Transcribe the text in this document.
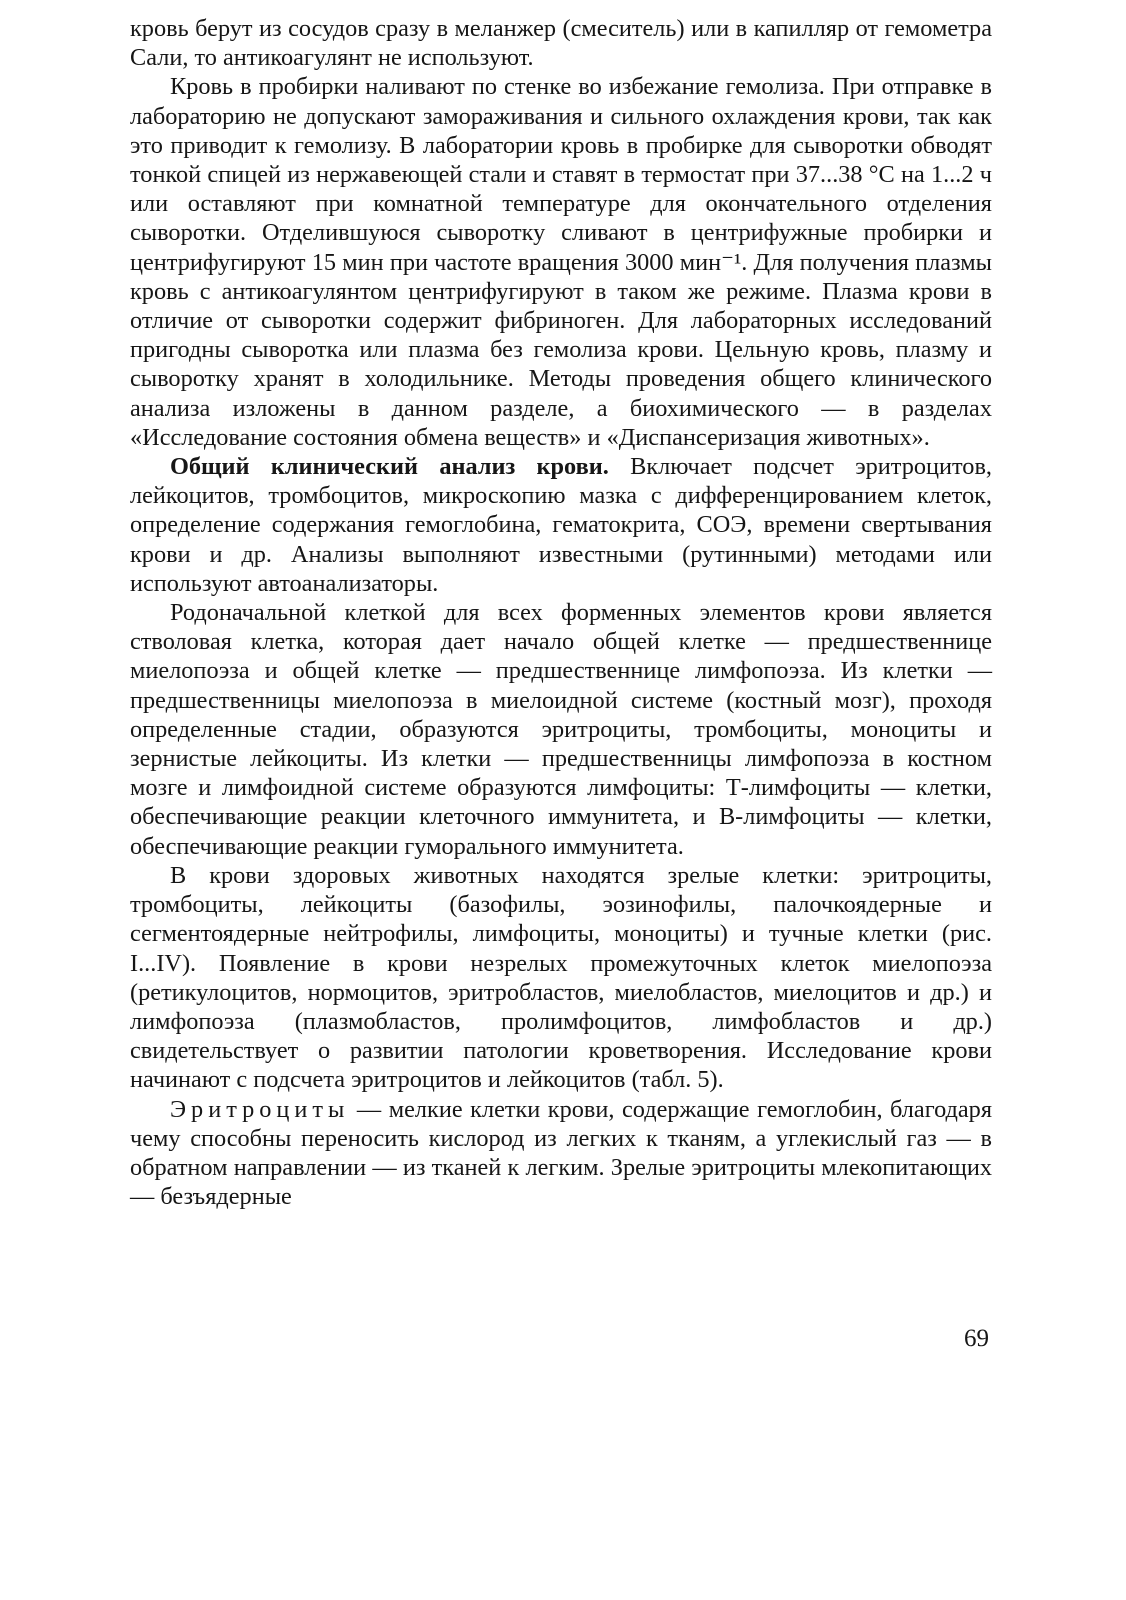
кровь берут из сосудов сразу в меланжер (смеситель) или в капилляр от гемометра Сали, то антикоагулянт не используют.

Кровь в пробирки наливают по стенке во избежание гемолиза. При отправке в лабораторию не допускают замораживания и сильного охлаждения крови, так как это приводит к гемолизу. В лаборатории кровь в пробирке для сыворотки обводят тонкой спицей из нержавеющей стали и ставят в термостат при 37...38 °С на 1...2 ч или оставляют при комнатной температуре для окончательного отделения сыворотки. Отделившуюся сыворотку сливают в центрифужные пробирки и центрифугируют 15 мин при частоте вращения 3000 мин⁻¹. Для получения плазмы кровь с антикоагулянтом центрифугируют в таком же режиме. Плазма крови в отличие от сыворотки содержит фибриноген. Для лабораторных исследований пригодны сыворотка или плазма без гемолиза крови. Цельную кровь, плазму и сыворотку хранят в холодильнике. Методы проведения общего клинического анализа изложены в данном разделе, а биохимического — в разделах «Исследование состояния обмена веществ» и «Диспансеризация животных».

Общий клинический анализ крови. Включает подсчет эритроцитов, лейкоцитов, тромбоцитов, микроскопию мазка с дифференцированием клеток, определение содержания гемоглобина, гематокрита, СОЭ, времени свертывания крови и др. Анализы выполняют известными (рутинными) методами или используют автоанализаторы.

Родоначальной клеткой для всех форменных элементов крови является стволовая клетка, которая дает начало общей клетке — предшественнице миелопоэза и общей клетке — предшественнице лимфопоэза. Из клетки — предшественницы миелопоэза в миелоидной системе (костный мозг), проходя определенные стадии, образуются эритроциты, тромбоциты, моноциты и зернистые лейкоциты. Из клетки — предшественницы лимфопоэза в костном мозге и лимфоидной системе образуются лимфоциты: Т-лимфоциты — клетки, обеспечивающие реакции клеточного иммунитета, и В-лимфоциты — клетки, обеспечивающие реакции гуморального иммунитета.

В крови здоровых животных находятся зрелые клетки: эритроциты, тромбоциты, лейкоциты (базофилы, эозинофилы, палочкоядерные и сегментоядерные нейтрофилы, лимфоциты, моноциты) и тучные клетки (рис. I...IV). Появление в крови незрелых промежуточных клеток миелопоэза (ретикулоцитов, нормоцитов, эритробластов, миелобластов, миелоцитов и др.) и лимфопоэза (плазмобластов, пролимфоцитов, лимфобластов и др.) свидетельствует о развитии патологии кроветворения. Исследование крови начинают с подсчета эритроцитов и лейкоцитов (табл. 5).

Эритроциты — мелкие клетки крови, содержащие гемоглобин, благодаря чему способны переносить кислород из легких к тканям, а углекислый газ — в обратном направлении — из тканей к легким. Зрелые эритроциты млекопитающих — безъядерные

69
